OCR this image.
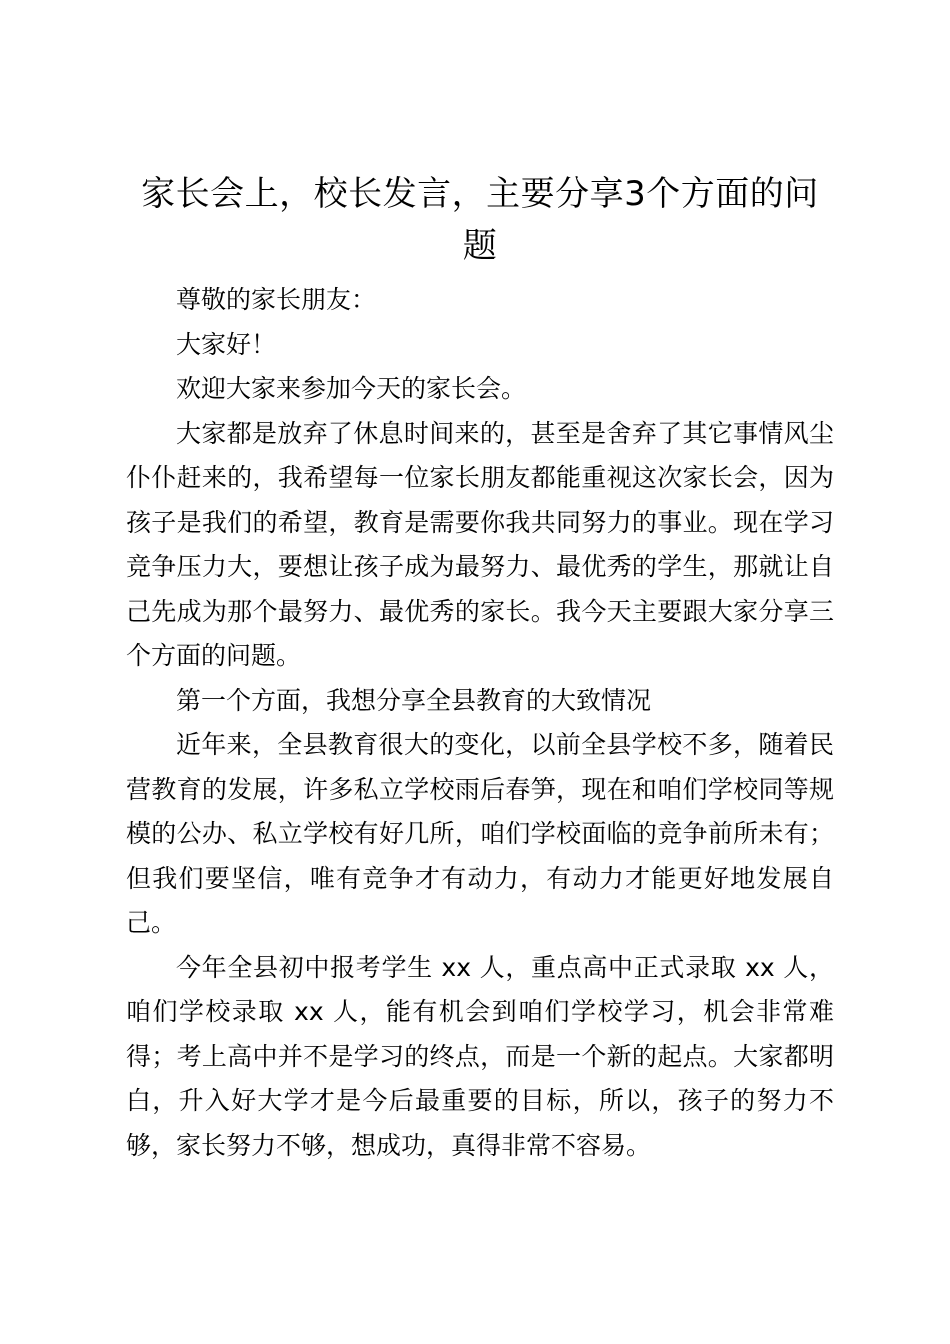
家长会上，校长发言，主要分享3个方面的问题

尊敬的家长朋友：

大家好！

欢迎大家来参加今天的家长会。

大家都是放弃了休息时间来的，甚至是舍弃了其它事情风尘仆仆赶来的，我希望每一位家长朋友都能重视这次家长会，因为孩子是我们的希望，教育是需要你我共同努力的事业。现在学习竞争压力大，要想让孩子成为最努力、最优秀的学生，那就让自己先成为那个最努力、最优秀的家长。我今天主要跟大家分享三个方面的问题。

第一个方面，我想分享全县教育的大致情况

近年来，全县教育很大的变化，以前全县学校不多，随着民营教育的发展，许多私立学校雨后春笋，现在和咱们学校同等规模的公办、私立学校有好几所，咱们学校面临的竞争前所未有；但我们要坚信，唯有竞争才有动力，有动力才能更好地发展自己。

今年全县初中报考学生 xx 人，重点高中正式录取 xx 人，咱们学校录取 xx 人，能有机会到咱们学校学习，机会非常难得；考上高中并不是学习的终点，而是一个新的起点。大家都明白，升入好大学才是今后最重要的目标，所以，孩子的努力不够，家长努力不够，想成功，真得非常不容易。
